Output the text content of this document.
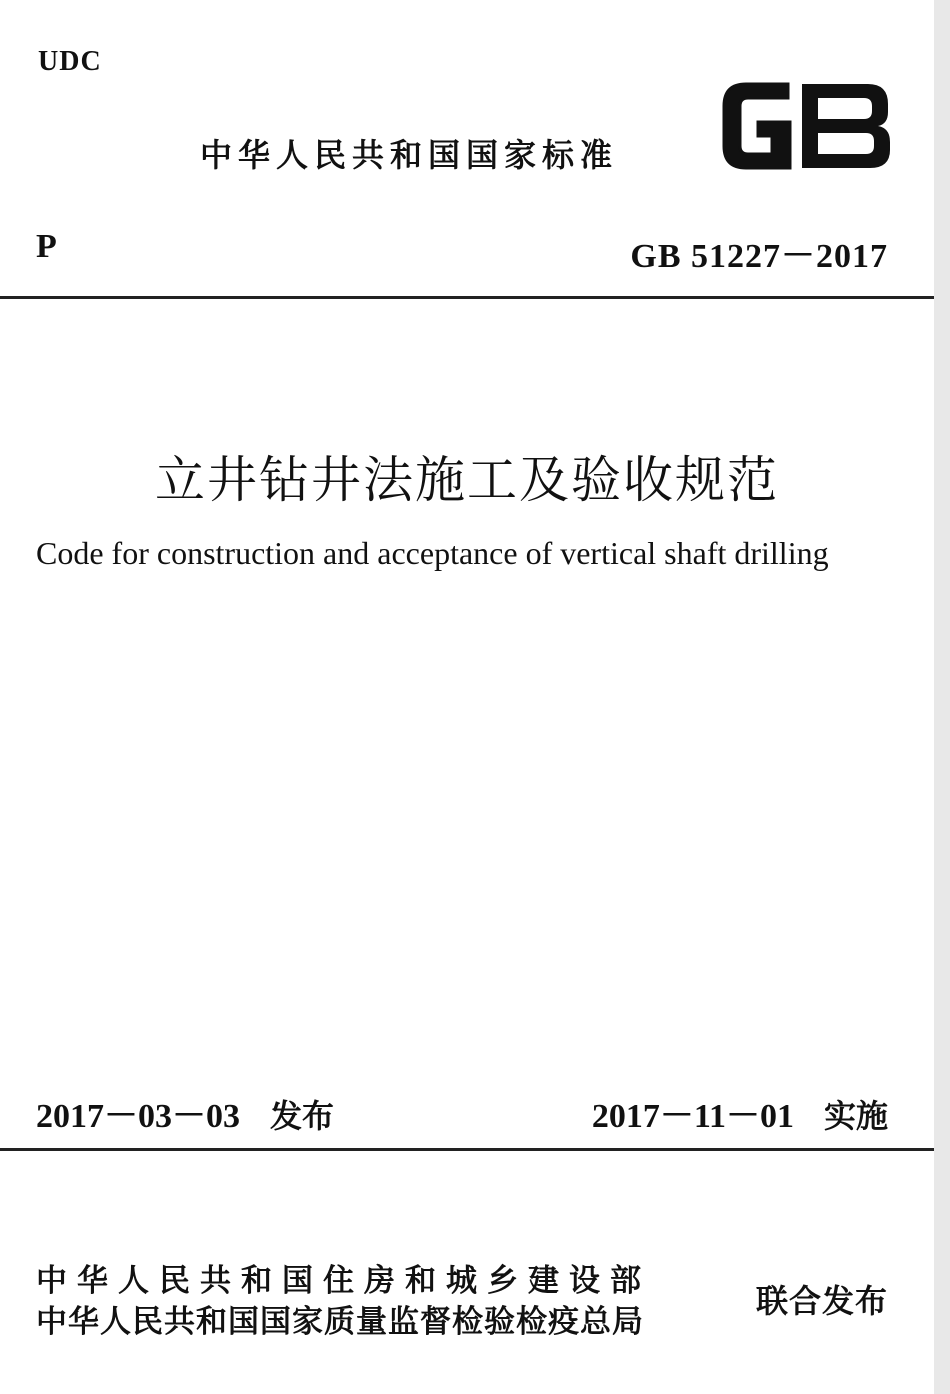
UDC
中华人民共和国国家标准
P	GB 51227－2017
立井钻井法施工及验收规范
Code for construction and acceptance of vertical shaft drilling
2017－03－03 发布	2017－11－01 实施
中华人民共和国住房和城乡建设部
中华人民共和国国家质量监督检验检疫总局
联合发布
